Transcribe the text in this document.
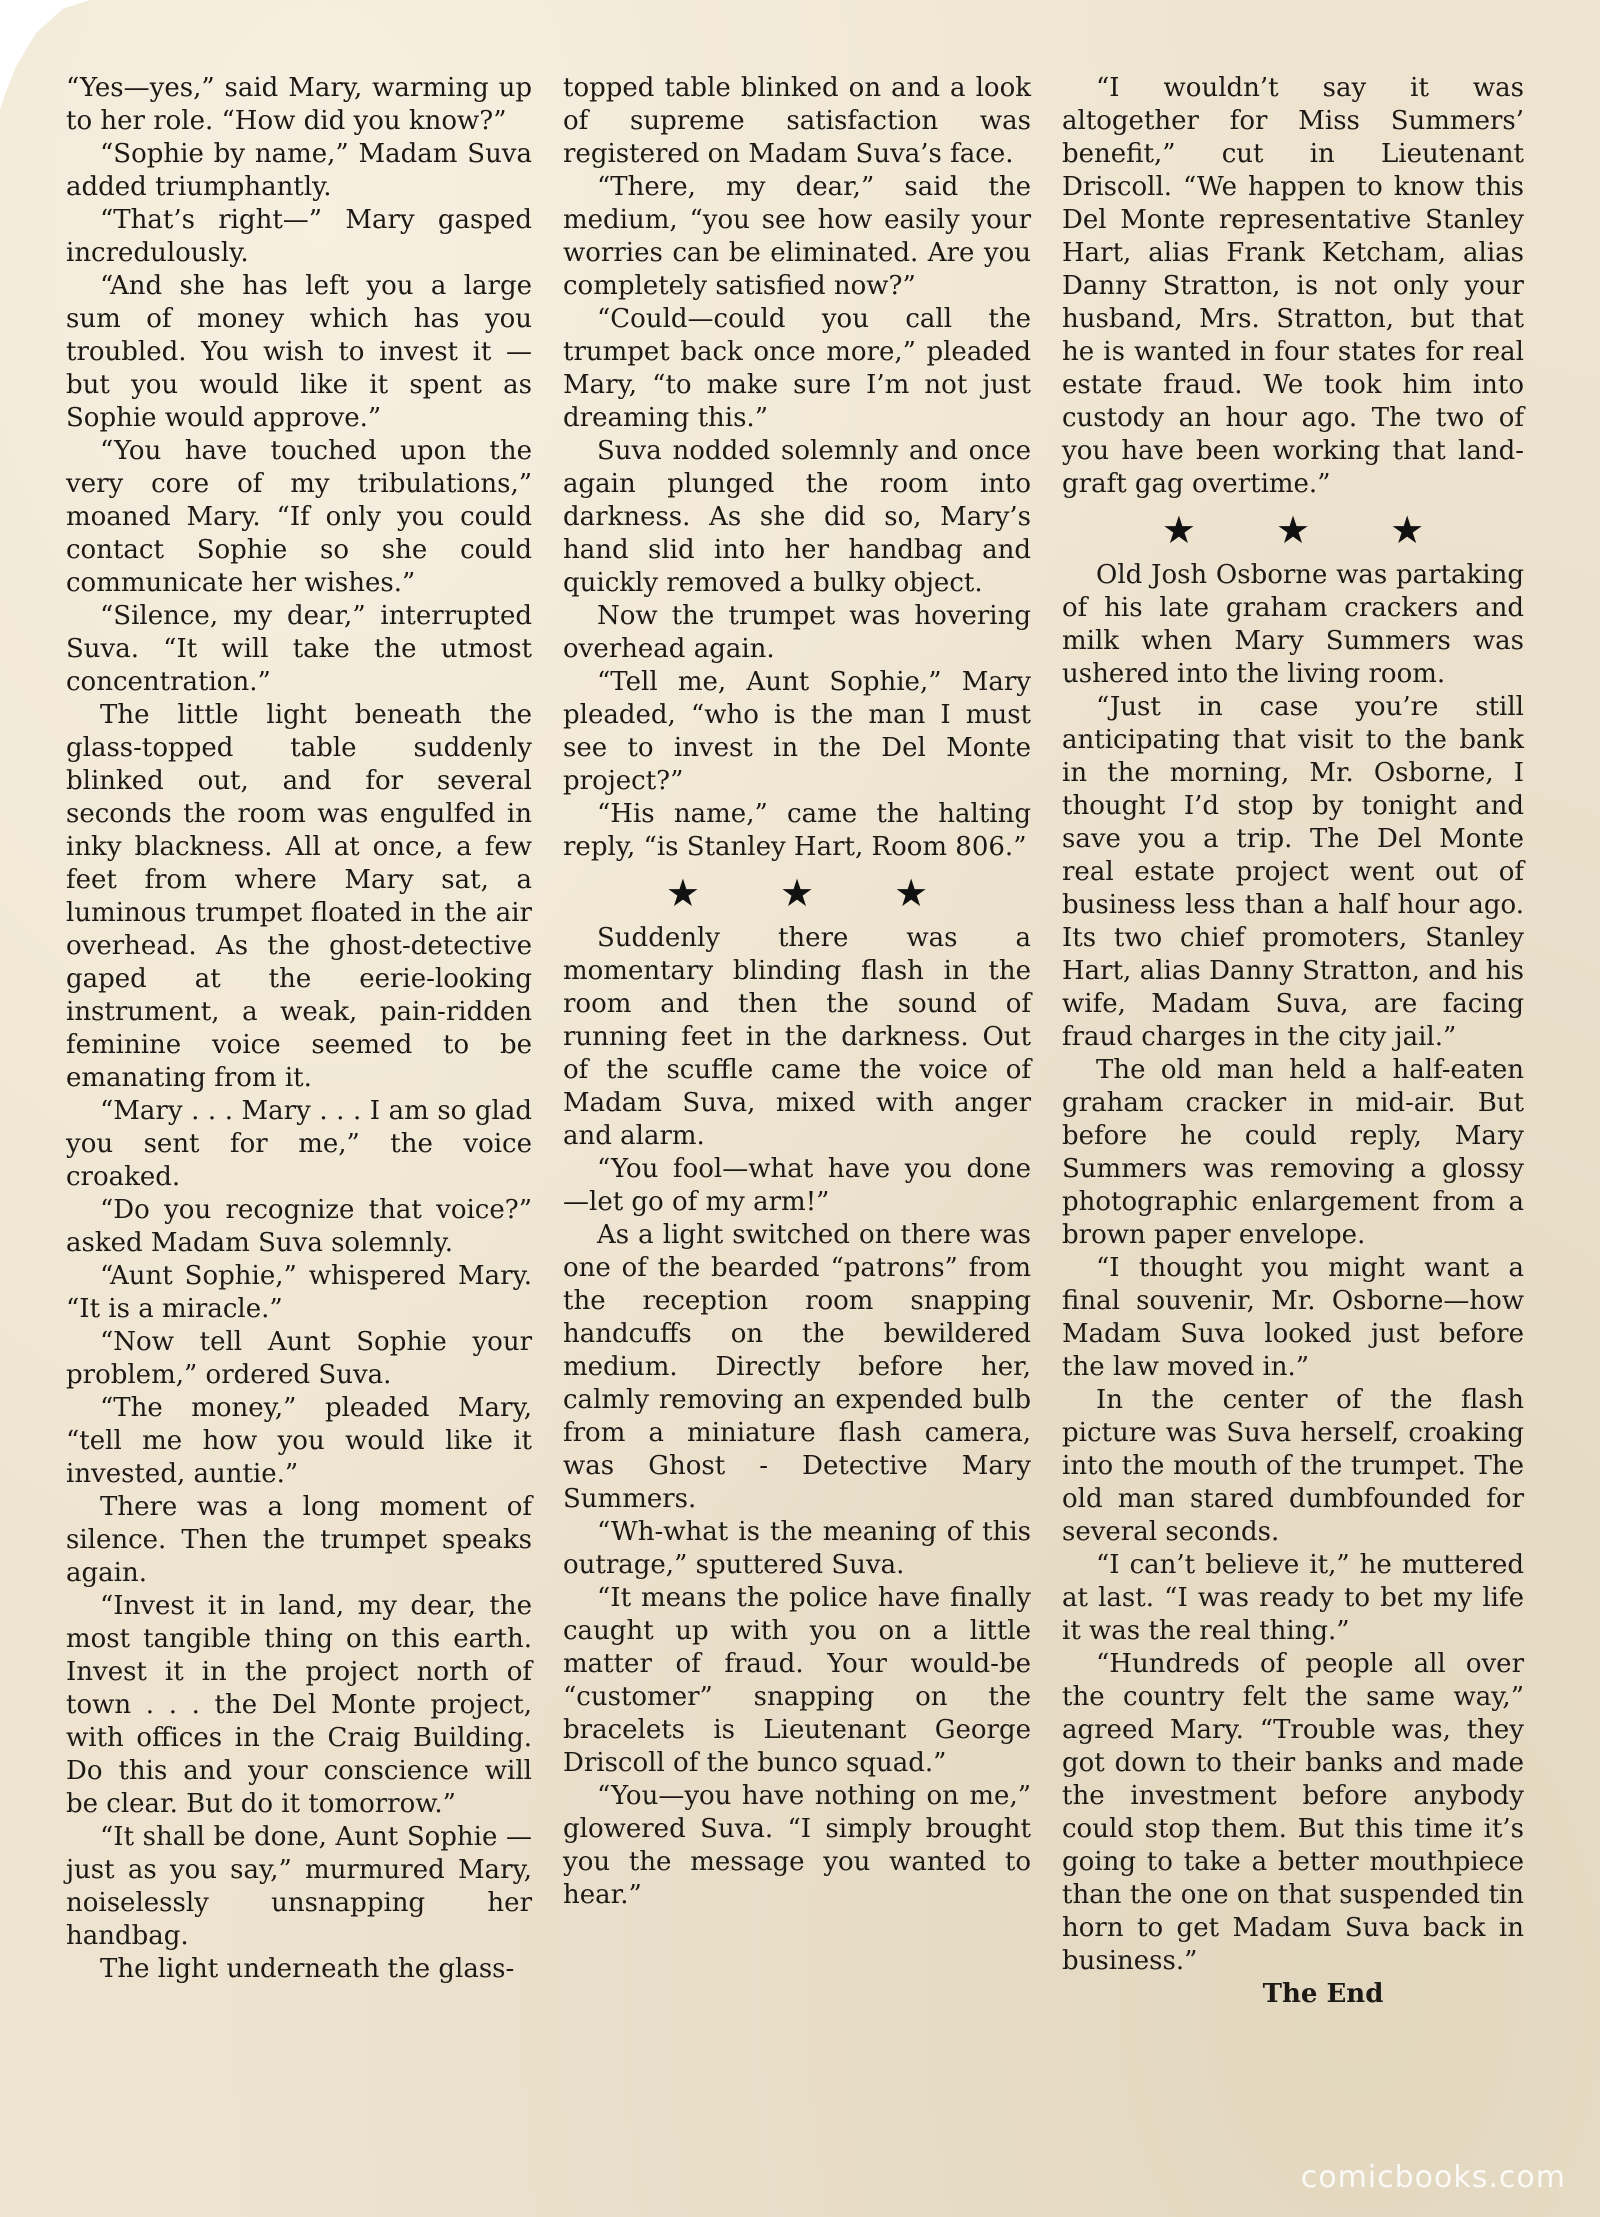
“Yes—yes,” said Mary, warming up to her role. “How did you know?”

“Sophie by name,” Madam Suva added triumphantly.

“That’s right—” Mary gasped incredulously.

“And she has left you a large sum of money which has you troubled. You wish to invest it —but you would like it spent as Sophie would approve.”

“You have touched upon the very core of my tribulations,” moaned Mary. “If only you could contact Sophie so she could communicate her wishes.”

“Silence, my dear,” interrupted Suva. “It will take the utmost concentration.”

The little light beneath the glass-topped table suddenly blinked out, and for several seconds the room was engulfed in inky blackness. All at once, a few feet from where Mary sat, a luminous trumpet floated in the air overhead. As the ghost-detective gaped at the eerie-looking instrument, a weak, pain-ridden feminine voice seemed to be emanating from it.

“Mary . . . Mary . . . I am so glad you sent for me,” the voice croaked.

“Do you recognize that voice?” asked Madam Suva solemnly.

“Aunt Sophie,” whispered Mary. “It is a miracle.”

“Now tell Aunt Sophie your problem,” ordered Suva.

“The money,” pleaded Mary, “tell me how you would like it invested, auntie.”

There was a long moment of silence. Then the trumpet speaks again.

“Invest it in land, my dear, the most tangible thing on this earth. Invest it in the project north of town . . . the Del Monte project, with offices in the Craig Building. Do this and your conscience will be clear. But do it tomorrow.”

“It shall be done, Aunt Sophie —just as you say,” murmured Mary, noiselessly unsnapping her handbag.

The light underneath the glass-

topped table blinked on and a look of supreme satisfaction was registered on Madam Suva’s face.

“There, my dear,” said the medium, “you see how easily your worries can be eliminated. Are you completely satisfied now?”

“Could—could you call the trumpet back once more,” pleaded Mary, “to make sure I’m not just dreaming this.”

Suva nodded solemnly and once again plunged the room into darkness. As she did so, Mary’s hand slid into her handbag and quickly removed a bulky object.

Now the trumpet was hovering overhead again.

“Tell me, Aunt Sophie,” Mary pleaded, “who is the man I must see to invest in the Del Monte project?”

“His name,” came the halting reply, “is Stanley Hart, Room 806.”

★ ★ ★

Suddenly there was a momentary blinding flash in the room and then the sound of running feet in the darkness. Out of the scuffle came the voice of Madam Suva, mixed with anger and alarm.

“You fool—what have you done—let go of my arm!”

As a light switched on there was one of the bearded “patrons” from the reception room snapping handcuffs on the bewildered medium. Directly before her, calmly removing an expended bulb from a miniature flash camera, was Ghost - Detective Mary Summers.

“Wh-what is the meaning of this outrage,” sputtered Suva.

“It means the police have finally caught up with you on a little matter of fraud. Your would-be “customer” snapping on the bracelets is Lieutenant George Driscoll of the bunco squad.”

“You—you have nothing on me,” glowered Suva. “I simply brought you the message you wanted to hear.”

“I wouldn’t say it was altogether for Miss Summers’ benefit,” cut in Lieutenant Driscoll. “We happen to know this Del Monte representative Stanley Hart, alias Frank Ketcham, alias Danny Stratton, is not only your husband, Mrs. Stratton, but that he is wanted in four states for real estate fraud. We took him into custody an hour ago. The two of you have been working that land-graft gag overtime.”

★ ★ ★

Old Josh Osborne was partaking of his late graham crackers and milk when Mary Summers was ushered into the living room.

“Just in case you’re still anticipating that visit to the bank in the morning, Mr. Osborne, I thought I’d stop by tonight and save you a trip. The Del Monte real estate project went out of business less than a half hour ago. Its two chief promoters, Stanley Hart, alias Danny Stratton, and his wife, Madam Suva, are facing fraud charges in the city jail.”

The old man held a half-eaten graham cracker in mid-air. But before he could reply, Mary Summers was removing a glossy photographic enlargement from a brown paper envelope.

“I thought you might want a final souvenir, Mr. Osborne—how Madam Suva looked just before the law moved in.”

In the center of the flash picture was Suva herself, croaking into the mouth of the trumpet. The old man stared dumbfounded for several seconds.

“I can’t believe it,” he muttered at last. “I was ready to bet my life it was the real thing.”

“Hundreds of people all over the country felt the same way,” agreed Mary. “Trouble was, they got down to their banks and made the investment before anybody could stop them. But this time it’s going to take a better mouthpiece than the one on that suspended tin horn to get Madam Suva back in business.”

The End

comicbooks.com
